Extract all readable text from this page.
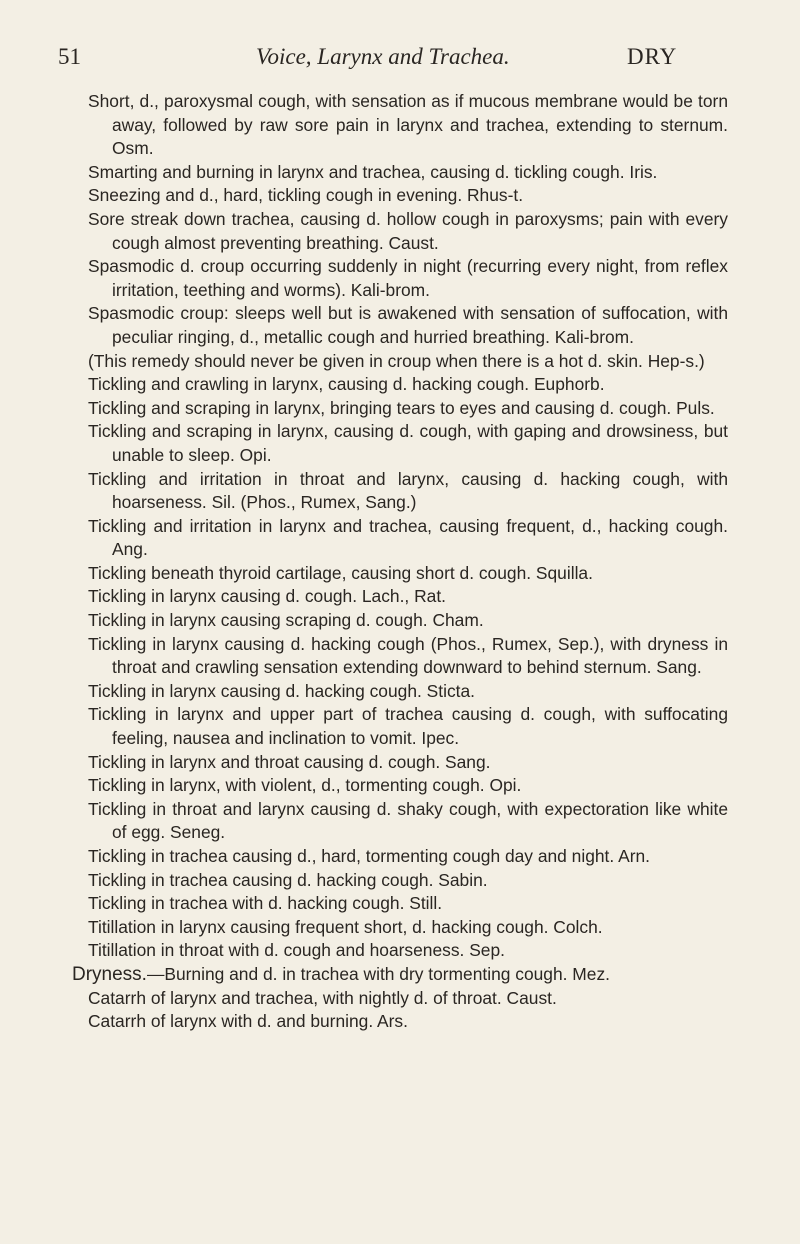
51	Voice, Larynx and Trachea.	DRY
Short, d., paroxysmal cough, with sensation as if mucous membrane would be torn away, followed by raw sore pain in larynx and trachea, extending to sternum. Osm.
Smarting and burning in larynx and trachea, causing d. tickling cough. Iris.
Sneezing and d., hard, tickling cough in evening. Rhus-t.
Sore streak down trachea, causing d. hollow cough in paroxysms; pain with every cough almost preventing breathing. Caust.
Spasmodic d. croup occurring suddenly in night (recurring every night, from reflex irritation, teething and worms). Kali-brom.
Spasmodic croup: sleeps well but is awakened with sensation of suffocation, with peculiar ringing, d., metallic cough and hurried breathing. Kali-brom.
(This remedy should never be given in croup when there is a hot d. skin. Hep-s.)
Tickling and crawling in larynx, causing d. hacking cough. Euphorb.
Tickling and scraping in larynx, bringing tears to eyes and causing d. cough. Puls.
Tickling and scraping in larynx, causing d. cough, with gaping and drowsiness, but unable to sleep. Opi.
Tickling and irritation in throat and larynx, causing d. hacking cough, with hoarseness. Sil. (Phos., Rumex, Sang.)
Tickling and irritation in larynx and trachea, causing frequent, d., hacking cough. Ang.
Tickling beneath thyroid cartilage, causing short d. cough. Squilla.
Tickling in larynx causing d. cough. Lach., Rat.
Tickling in larynx causing scraping d. cough. Cham.
Tickling in larynx causing d. hacking cough (Phos., Rumex, Sep.), with dryness in throat and crawling sensation extending downward to behind sternum. Sang.
Tickling in larynx causing d. hacking cough. Sticta.
Tickling in larynx and upper part of trachea causing d. cough, with suffocating feeling, nausea and inclination to vomit. Ipec.
Tickling in larynx and throat causing d. cough. Sang.
Tickling in larynx, with violent, d., tormenting cough. Opi.
Tickling in throat and larynx causing d. shaky cough, with expectoration like white of egg. Seneg.
Tickling in trachea causing d., hard, tormenting cough day and night. Arn.
Tickling in trachea causing d. hacking cough. Sabin.
Tickling in trachea with d. hacking cough. Still.
Titillation in larynx causing frequent short, d. hacking cough. Colch.
Titillation in throat with d. cough and hoarseness. Sep.
Dryness.—Burning and d. in trachea with dry tormenting cough. Mez.
Catarrh of larynx and trachea, with nightly d. of throat. Caust.
Catarrh of larynx with d. and burning. Ars.
